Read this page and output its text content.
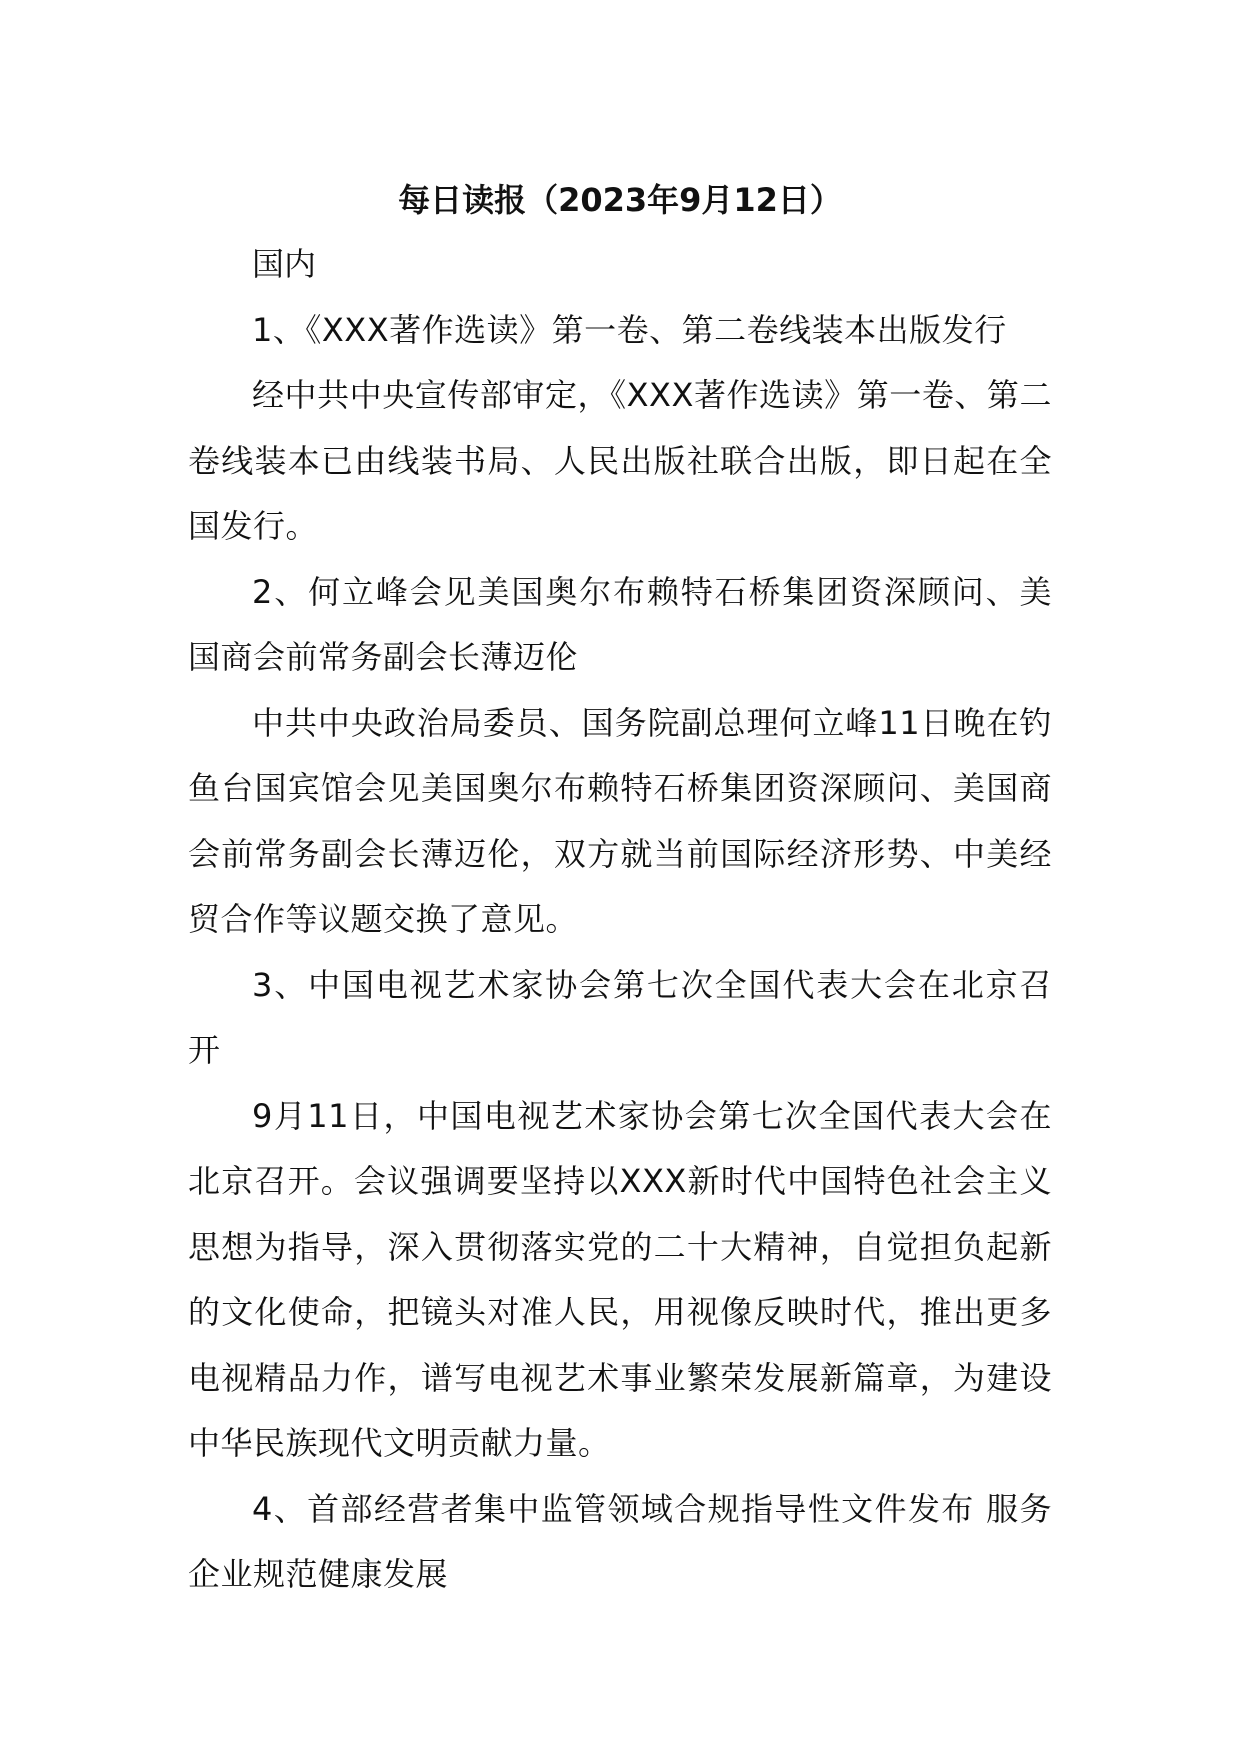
每日读报（2023年9月12日）

国内

1、《XXX著作选读》第一卷、第二卷线装本出版发行

经中共中央宣传部审定，《XXX著作选读》第一卷、第二卷线装本已由线装书局、人民出版社联合出版，即日起在全国发行。

2、何立峰会见美国奥尔布赖特石桥集团资深顾问、美国商会前常务副会长薄迈伦

中共中央政治局委员、国务院副总理何立峰11日晚在钓鱼台国宾馆会见美国奥尔布赖特石桥集团资深顾问、美国商会前常务副会长薄迈伦，双方就当前国际经济形势、中美经贸合作等议题交换了意见。

3、中国电视艺术家协会第七次全国代表大会在北京召开

9月11日，中国电视艺术家协会第七次全国代表大会在北京召开。会议强调要坚持以XXX新时代中国特色社会主义思想为指导，深入贯彻落实党的二十大精神，自觉担负起新的文化使命，把镜头对准人民，用视像反映时代，推出更多电视精品力作，谱写电视艺术事业繁荣发展新篇章，为建设中华民族现代文明贡献力量。

4、首部经营者集中监管领域合规指导性文件发布 服务企业规范健康发展
